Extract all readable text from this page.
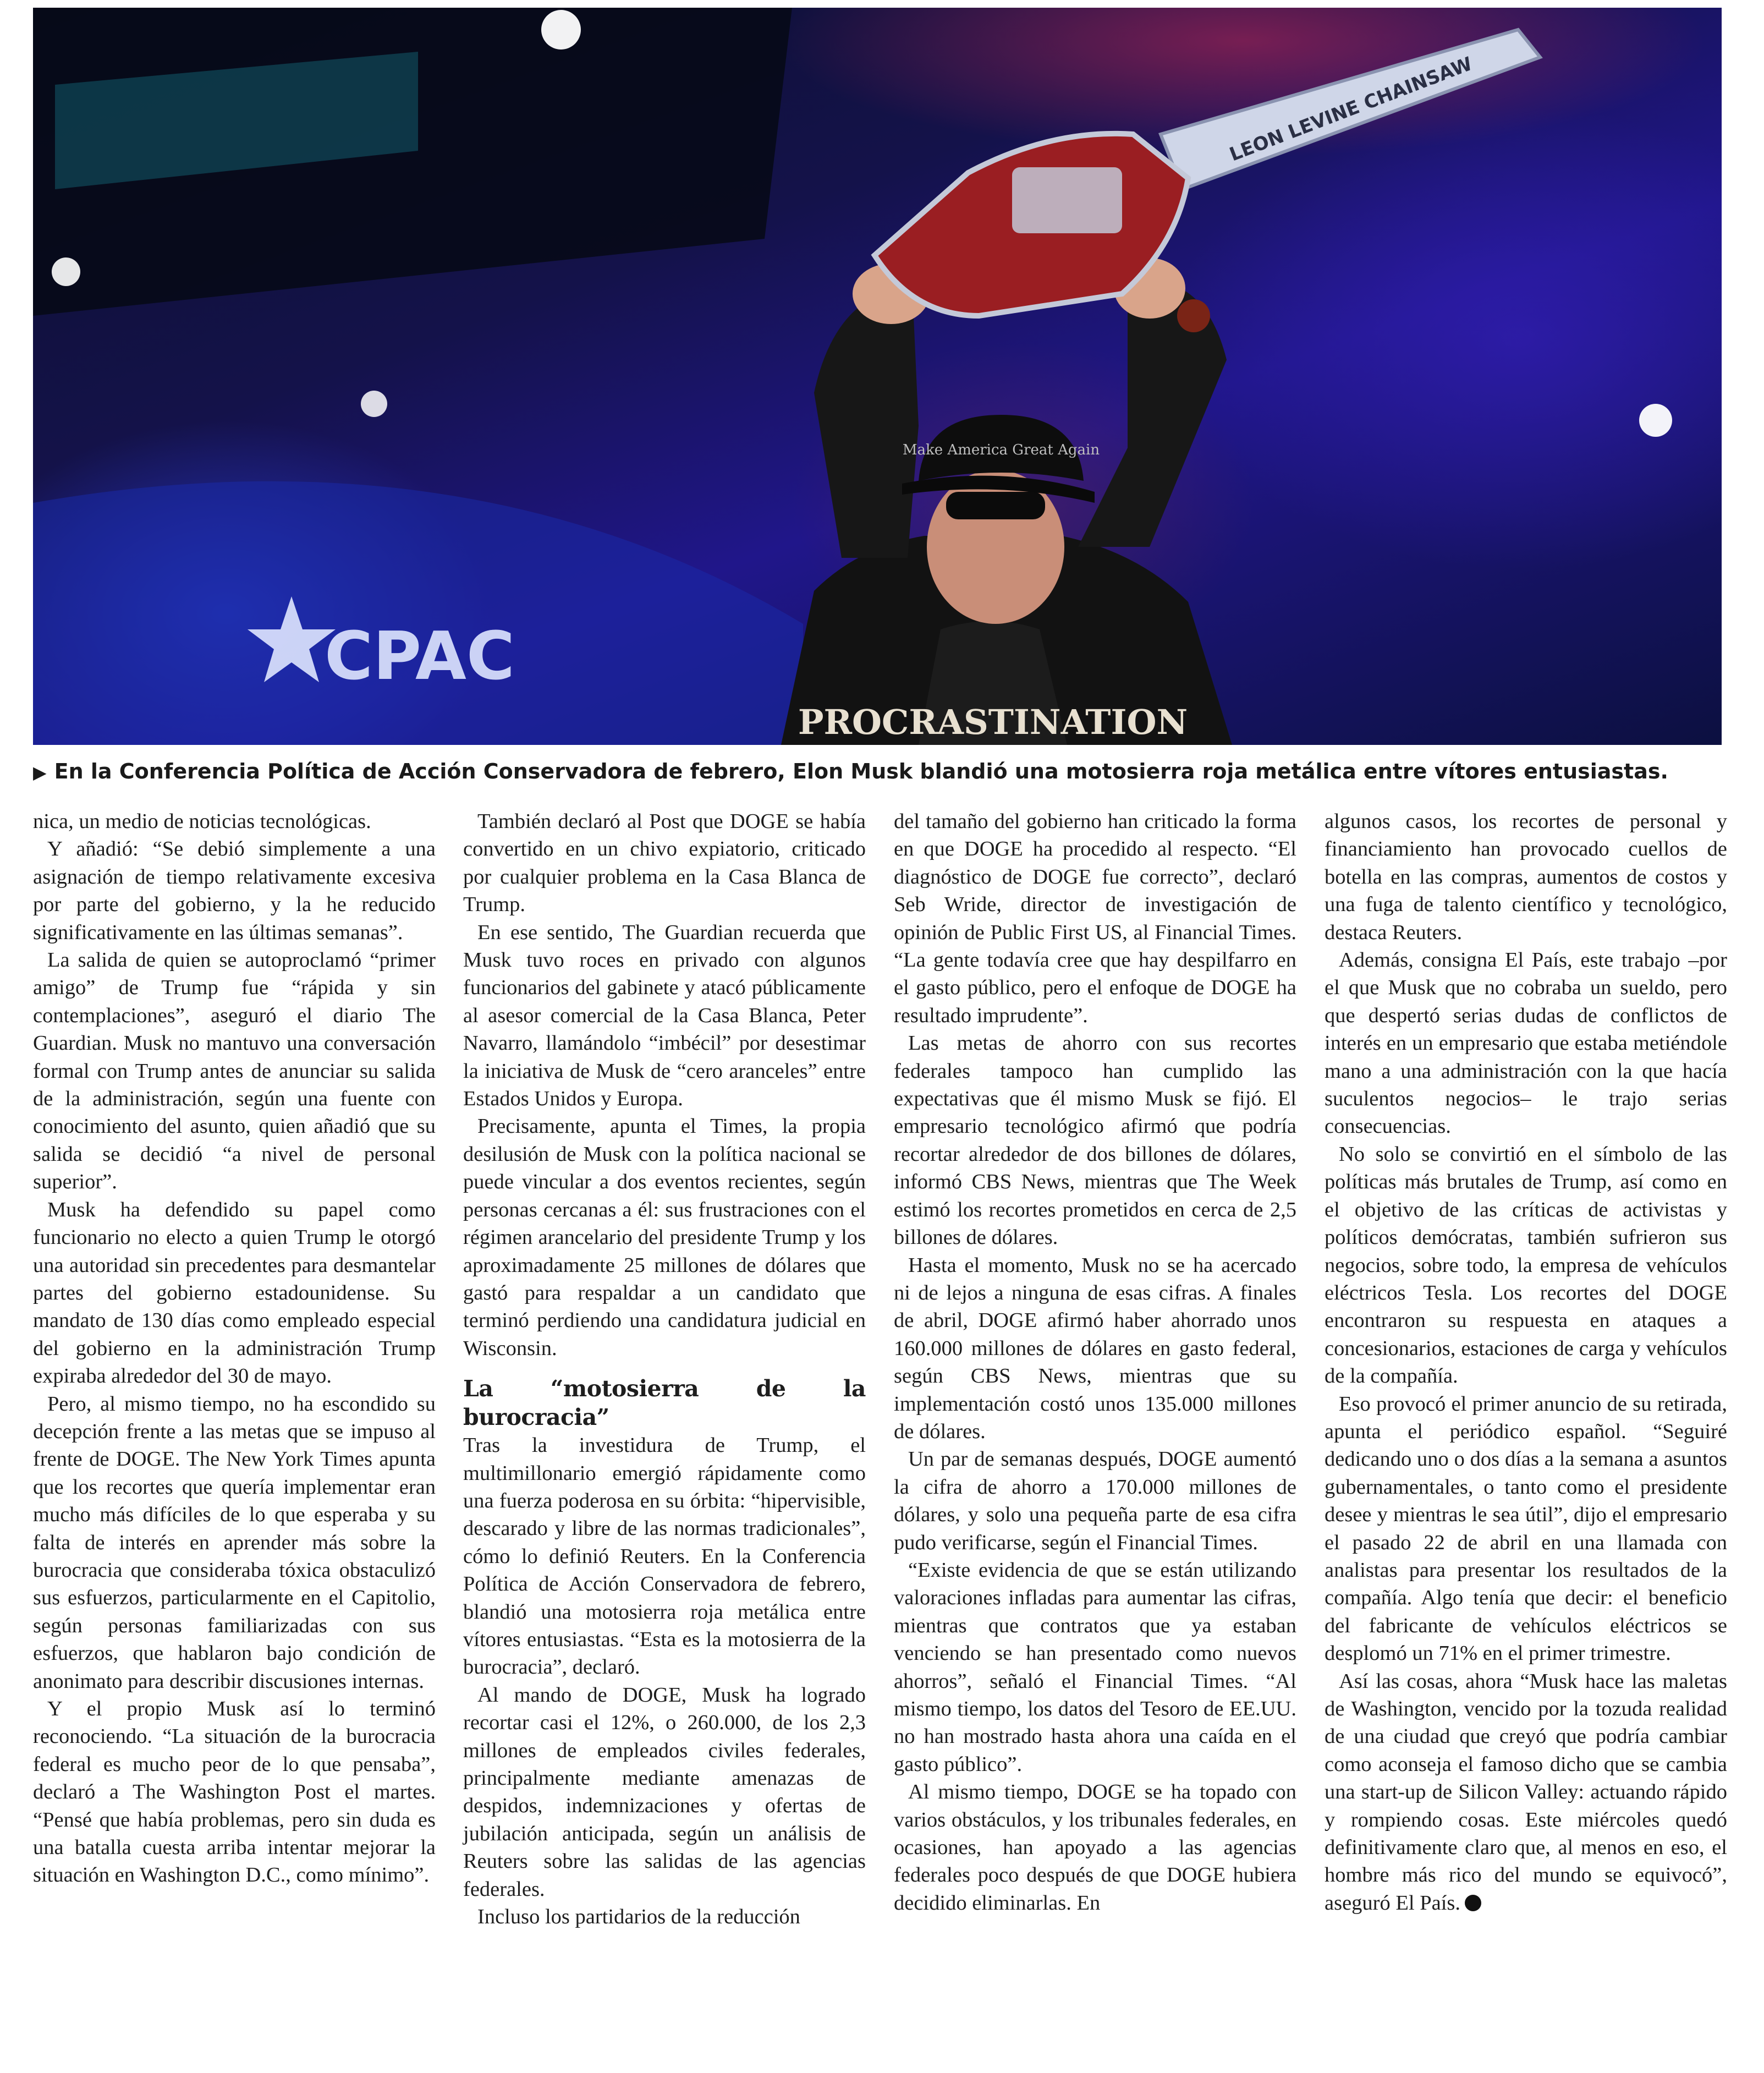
CPAC
PROCRASTINATION
Make America Great Again
LEON LEVINE CHAINSAW
▶ En la Conferencia Política de Acción Conservadora de febrero, Elon Musk blandió una motosierra roja metálica entre vítores entusiastas.

nica, un medio de noticias tecnológicas.

Y añadió: “Se debió simplemente a una asignación de tiempo relativamente excesiva por parte del gobierno, y la he reducido significativamente en las últimas semanas”.

La salida de quien se autoproclamó “primer amigo” de Trump fue “rápida y sin contemplaciones”, aseguró el diario The Guardian. Musk no mantuvo una conversación formal con Trump antes de anunciar su salida de la administración, según una fuente con conocimiento del asunto, quien añadió que su salida se decidió “a nivel de personal superior”.

Musk ha defendido su papel como funcionario no electo a quien Trump le otorgó una autoridad sin precedentes para desmantelar partes del gobierno estadounidense. Su mandato de 130 días como empleado especial del gobierno en la administración Trump expiraba alrededor del 30 de mayo.

Pero, al mismo tiempo, no ha escondido su decepción frente a las metas que se impuso al frente de DOGE. The New York Times apunta que los recortes que quería implementar eran mucho más difíciles de lo que esperaba y su falta de interés en aprender más sobre la burocracia que consideraba tóxica obstaculizó sus esfuerzos, particularmente en el Capitolio, según personas familiarizadas con sus esfuerzos, que hablaron bajo condición de anonimato para describir discusiones internas.

Y el propio Musk así lo terminó reconociendo. “La situación de la burocracia federal es mucho peor de lo que pensaba”, declaró a The Washington Post el martes. “Pensé que había problemas, pero sin duda es una batalla cuesta arriba intentar mejorar la situación en Washington D.C., como mínimo”.

También declaró al Post que DOGE se había convertido en un chivo expiatorio, criticado por cualquier problema en la Casa Blanca de Trump.

En ese sentido, The Guardian recuerda que Musk tuvo roces en privado con algunos funcionarios del gabinete y atacó públicamente al asesor comercial de la Casa Blanca, Peter Navarro, llamándolo “imbécil” por desestimar la iniciativa de Musk de “cero aranceles” entre Estados Unidos y Europa.

Precisamente, apunta el Times, la propia desilusión de Musk con la política nacional se puede vincular a dos eventos recientes, según personas cercanas a él: sus frustraciones con el régimen arancelario del presidente Trump y los aproximadamente 25 millones de dólares que gastó para respaldar a un candidato que terminó perdiendo una candidatura judicial en Wisconsin.

La “motosierra de la burocracia”

Tras la investidura de Trump, el multimillonario emergió rápidamente como una fuerza poderosa en su órbita: “hipervisible, descarado y libre de las normas tradicionales”, cómo lo definió Reuters. En la Conferencia Política de Acción Conservadora de febrero, blandió una motosierra roja metálica entre vítores entusiastas. “Esta es la motosierra de la burocracia”, declaró.

Al mando de DOGE, Musk ha logrado recortar casi el 12%, o 260.000, de los 2,3 millones de empleados civiles federales, principalmente mediante amenazas de despidos, indemnizaciones y ofertas de jubilación anticipada, según un análisis de Reuters sobre las salidas de las agencias federales.

Incluso los partidarios de la reducción

del tamaño del gobierno han criticado la forma en que DOGE ha procedido al respecto. “El diagnóstico de DOGE fue correcto”, declaró Seb Wride, director de investigación de opinión de Public First US, al Financial Times. “La gente todavía cree que hay despilfarro en el gasto público, pero el enfoque de DOGE ha resultado imprudente”.

Las metas de ahorro con sus recortes federales tampoco han cumplido las expectativas que él mismo Musk se fijó. El empresario tecnológico afirmó que podría recortar alrededor de dos billones de dólares, informó CBS News, mientras que The Week estimó los recortes prometidos en cerca de 2,5 billones de dólares.

Hasta el momento, Musk no se ha acercado ni de lejos a ninguna de esas cifras. A finales de abril, DOGE afirmó haber ahorrado unos 160.000 millones de dólares en gasto federal, según CBS News, mientras que su implementación costó unos 135.000 millones de dólares.

Un par de semanas después, DOGE aumentó la cifra de ahorro a 170.000 millones de dólares, y solo una pequeña parte de esa cifra pudo verificarse, según el Financial Times.

“Existe evidencia de que se están utilizando valoraciones infladas para aumentar las cifras, mientras que contratos que ya estaban venciendo se han presentado como nuevos ahorros”, señaló el Financial Times. “Al mismo tiempo, los datos del Tesoro de EE.UU. no han mostrado hasta ahora una caída en el gasto público”.

Al mismo tiempo, DOGE se ha topado con varios obstáculos, y los tribunales federales, en ocasiones, han apoyado a las agencias federales poco después de que DOGE hubiera decidido eliminarlas. En

algunos casos, los recortes de personal y financiamiento han provocado cuellos de botella en las compras, aumentos de costos y una fuga de talento científico y tecnológico, destaca Reuters.

Además, consigna El País, este trabajo –por el que Musk que no cobraba un sueldo, pero que despertó serias dudas de conflictos de interés en un empresario que estaba metiéndole mano a una administración con la que hacía suculentos negocios– le trajo serias consecuencias.

No solo se convirtió en el símbolo de las políticas más brutales de Trump, así como en el objetivo de las críticas de activistas y políticos demócratas, también sufrieron sus negocios, sobre todo, la empresa de vehículos eléctricos Tesla. Los recortes del DOGE encontraron su respuesta en ataques a concesionarios, estaciones de carga y vehículos de la compañía.

Eso provocó el primer anuncio de su retirada, apunta el periódico español. “Seguiré dedicando uno o dos días a la semana a asuntos gubernamentales, o tanto como el presidente desee y mientras le sea útil”, dijo el empresario el pasado 22 de abril en una llamada con analistas para presentar los resultados de la compañía. Algo tenía que decir: el beneficio del fabricante de vehículos eléctricos se desplomó un 71% en el primer trimestre.

Así las cosas, ahora “Musk hace las maletas de Washington, vencido por la tozuda realidad de una ciudad que creyó que podría cambiar como aconseja el famoso dicho que se cambia una start-up de Silicon Valley: actuando rápido y rompiendo cosas. Este miércoles quedó definitivamente claro que, al menos en eso, el hombre más rico del mundo se equivocó”, aseguró El País.
